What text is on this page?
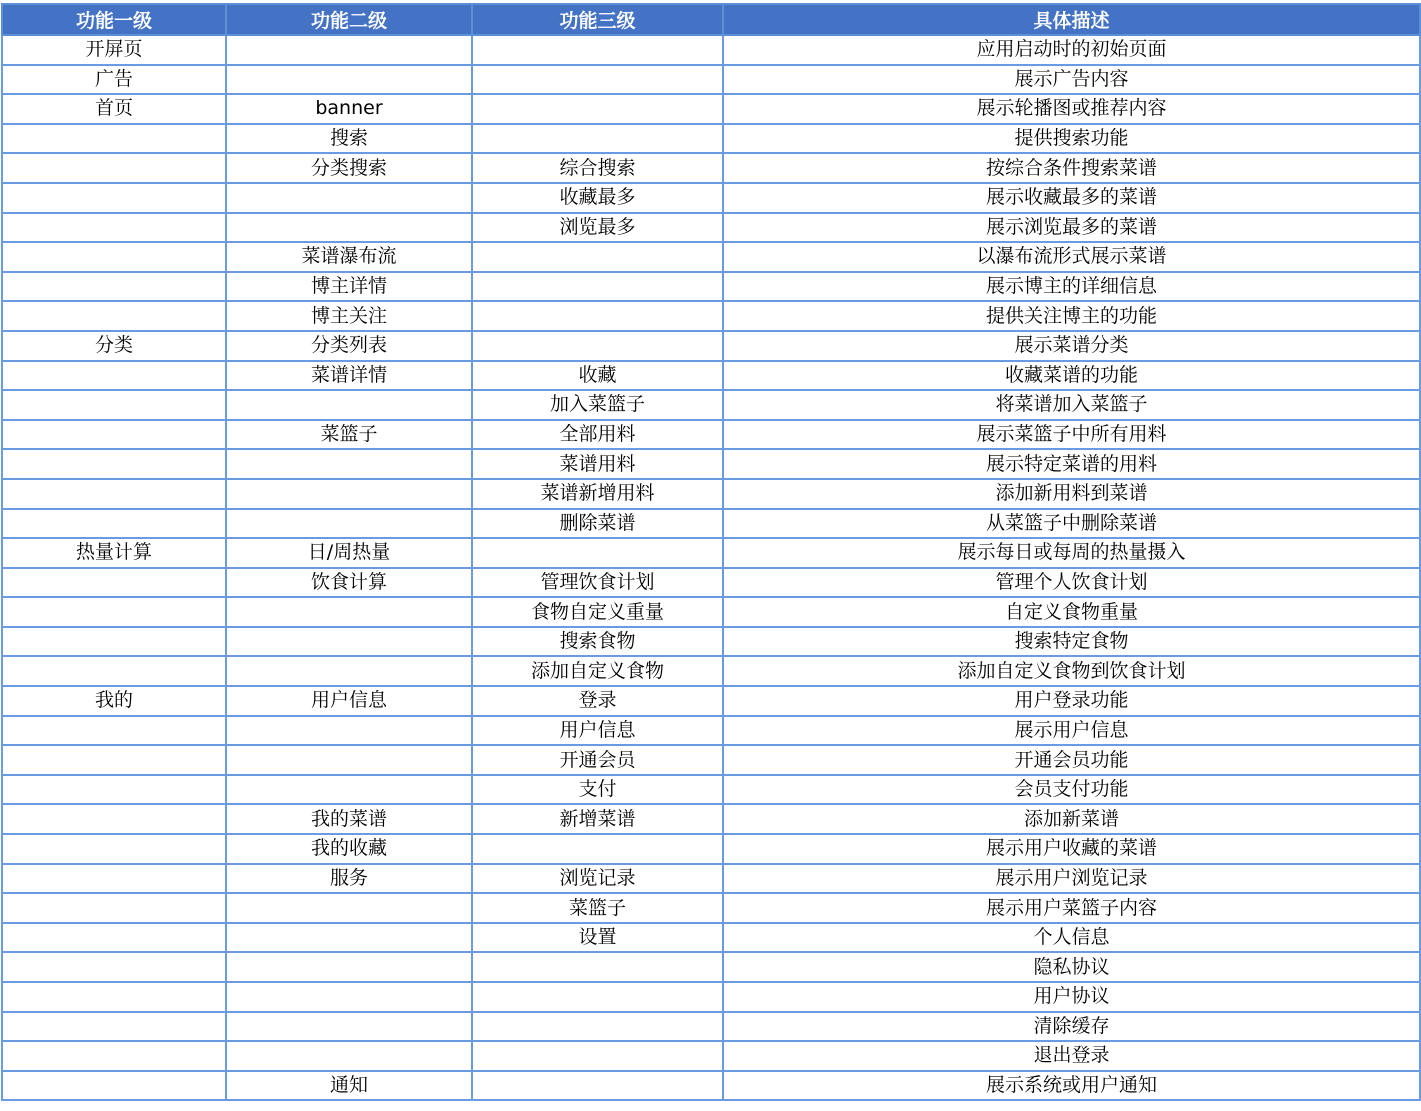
功能一级	功能二级	功能三级	具体描述
开屏页			应用启动时的初始页面
广告			展示广告内容
首页	banner		展示轮播图或推荐内容
	搜索		提供搜索功能
	分类搜索	综合搜索	按综合条件搜索菜谱
		收藏最多	展示收藏最多的菜谱
		浏览最多	展示浏览最多的菜谱
	菜谱瀑布流		以瀑布流形式展示菜谱
	博主详情		展示博主的详细信息
	博主关注		提供关注博主的功能
分类	分类列表		展示菜谱分类
	菜谱详情	收藏	收藏菜谱的功能
		加入菜篮子	将菜谱加入菜篮子
	菜篮子	全部用料	展示菜篮子中所有用料
		菜谱用料	展示特定菜谱的用料
		菜谱新增用料	添加新用料到菜谱
		删除菜谱	从菜篮子中删除菜谱
热量计算	日/周热量		展示每日或每周的热量摄入
	饮食计算	管理饮食计划	管理个人饮食计划
		食物自定义重量	自定义食物重量
		搜索食物	搜索特定食物
		添加自定义食物	添加自定义食物到饮食计划
我的	用户信息	登录	用户登录功能
		用户信息	展示用户信息
		开通会员	开通会员功能
		支付	会员支付功能
	我的菜谱	新增菜谱	添加新菜谱
	我的收藏		展示用户收藏的菜谱
	服务	浏览记录	展示用户浏览记录
		菜篮子	展示用户菜篮子内容
		设置	个人信息
			隐私协议
			用户协议
			清除缓存
			退出登录
	通知		展示系统或用户通知
